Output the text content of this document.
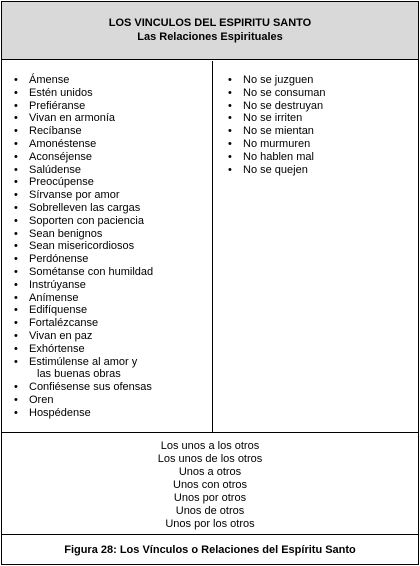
LOS VINCULOS DEL ESPIRITU SANTO
Las Relaciones Espirituales
• Ámense
• Estén unidos
• Prefiéranse
• Vivan en armonía
• Recíbanse
• Amonéstense
• Aconséjense
• Salúdense
• Preocúpense
• Sírvanse por amor
• Sobrelleven las cargas
• Soporten con paciencia
• Sean benignos
• Sean misericordiosos
• Perdónense
• Sométanse con humildad
• Instrúyanse
• Anímense
• Edifíquense
• Fortalézcanse
• Vivan en paz
• Exhórtense
• Estimúlense al amor y
las buenas obras
• Confiésense sus ofensas
• Oren
• Hospédense
• No se juzguen
• No se consuman
• No se destruyan
• No se irriten
• No se mientan
• No murmuren
• No hablen mal
• No se quejen
Los unos a los otros
Los unos de los otros
Unos a otros
Unos con otros
Unos por otros
Unos de otros
Unos por los otros
Figura 28: Los Vínculos o Relaciones del Espíritu Santo
